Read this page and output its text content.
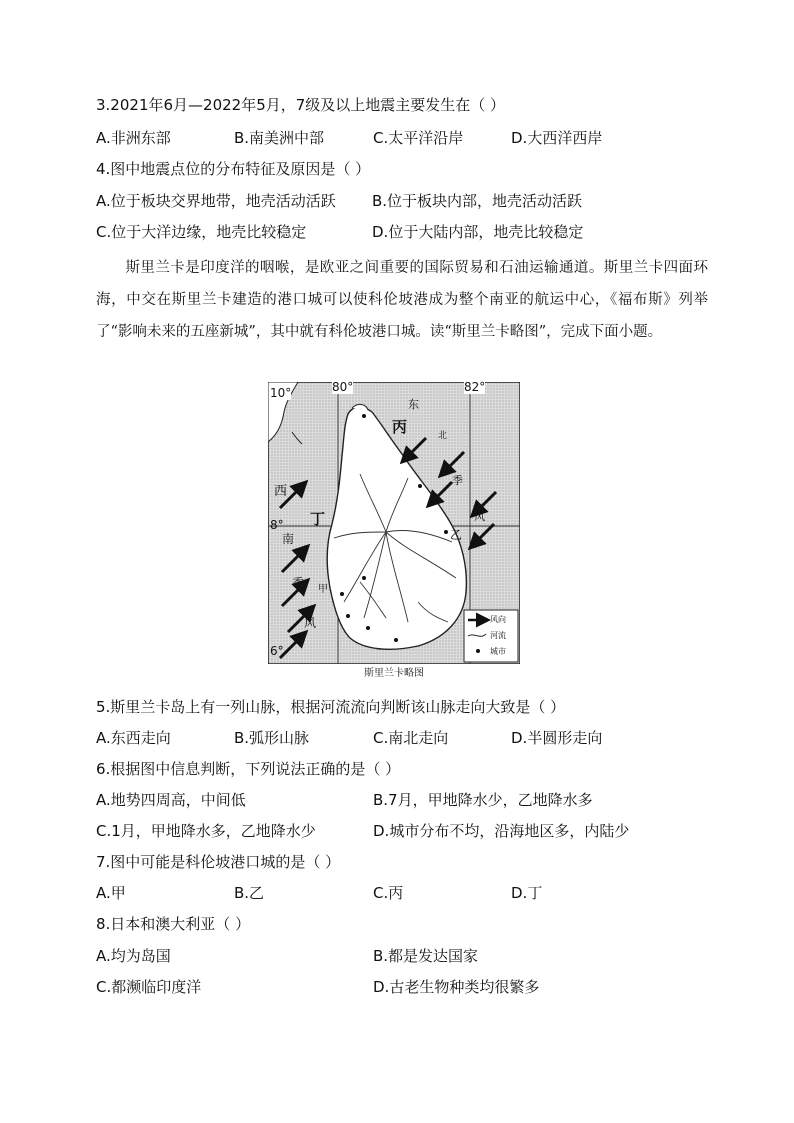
3.2021年6月—2022年5月，7级及以上地震主要发生在（ ）
A.非洲东部	B.南美洲中部	C.太平洋沿岸	D.大西洋西岸
4.图中地震点位的分布特征及原因是（ ）
A.位于板块交界地带，地壳活动活跃 B.位于板块内部，地壳活动活跃
C.位于大洋边缘，地壳比较稳定	D.位于大陆内部，地壳比较稳定
斯里兰卡是印度洋的咽喉，是欧亚之间重要的国际贸易和石油运输通道。斯里兰卡四面环海，中交在斯里兰卡建造的港口城可以使科伦坡港成为整个南亚的航运中心，《福布斯》列举了“影响未来的五座新城”，其中就有科伦坡港口城。读“斯里兰卡略图”，完成下面小题。
10°	80°	82°
8°
6°
东
北
季
风
西
南
季
风
丙
丁
乙
甲
风向
河流
城市
斯里兰卡略图
5.斯里兰卡岛上有一列山脉，根据河流流向判断该山脉走向大致是（ ）
A.东西走向	B.弧形山脉	C.南北走向	D.半圆形走向
6.根据图中信息判断，下列说法正确的是（ ）
A.地势四周高，中间低	B.7月，甲地降水少，乙地降水多
C.1月，甲地降水多，乙地降水少	D.城市分布不均，沿海地区多，内陆少
7.图中可能是科伦坡港口城的是（ ）
A.甲	B.乙	C.丙	D.丁
8.日本和澳大利亚（ ）
A.均为岛国	B.都是发达国家
C.都濒临印度洋	D.古老生物种类均很繁多
